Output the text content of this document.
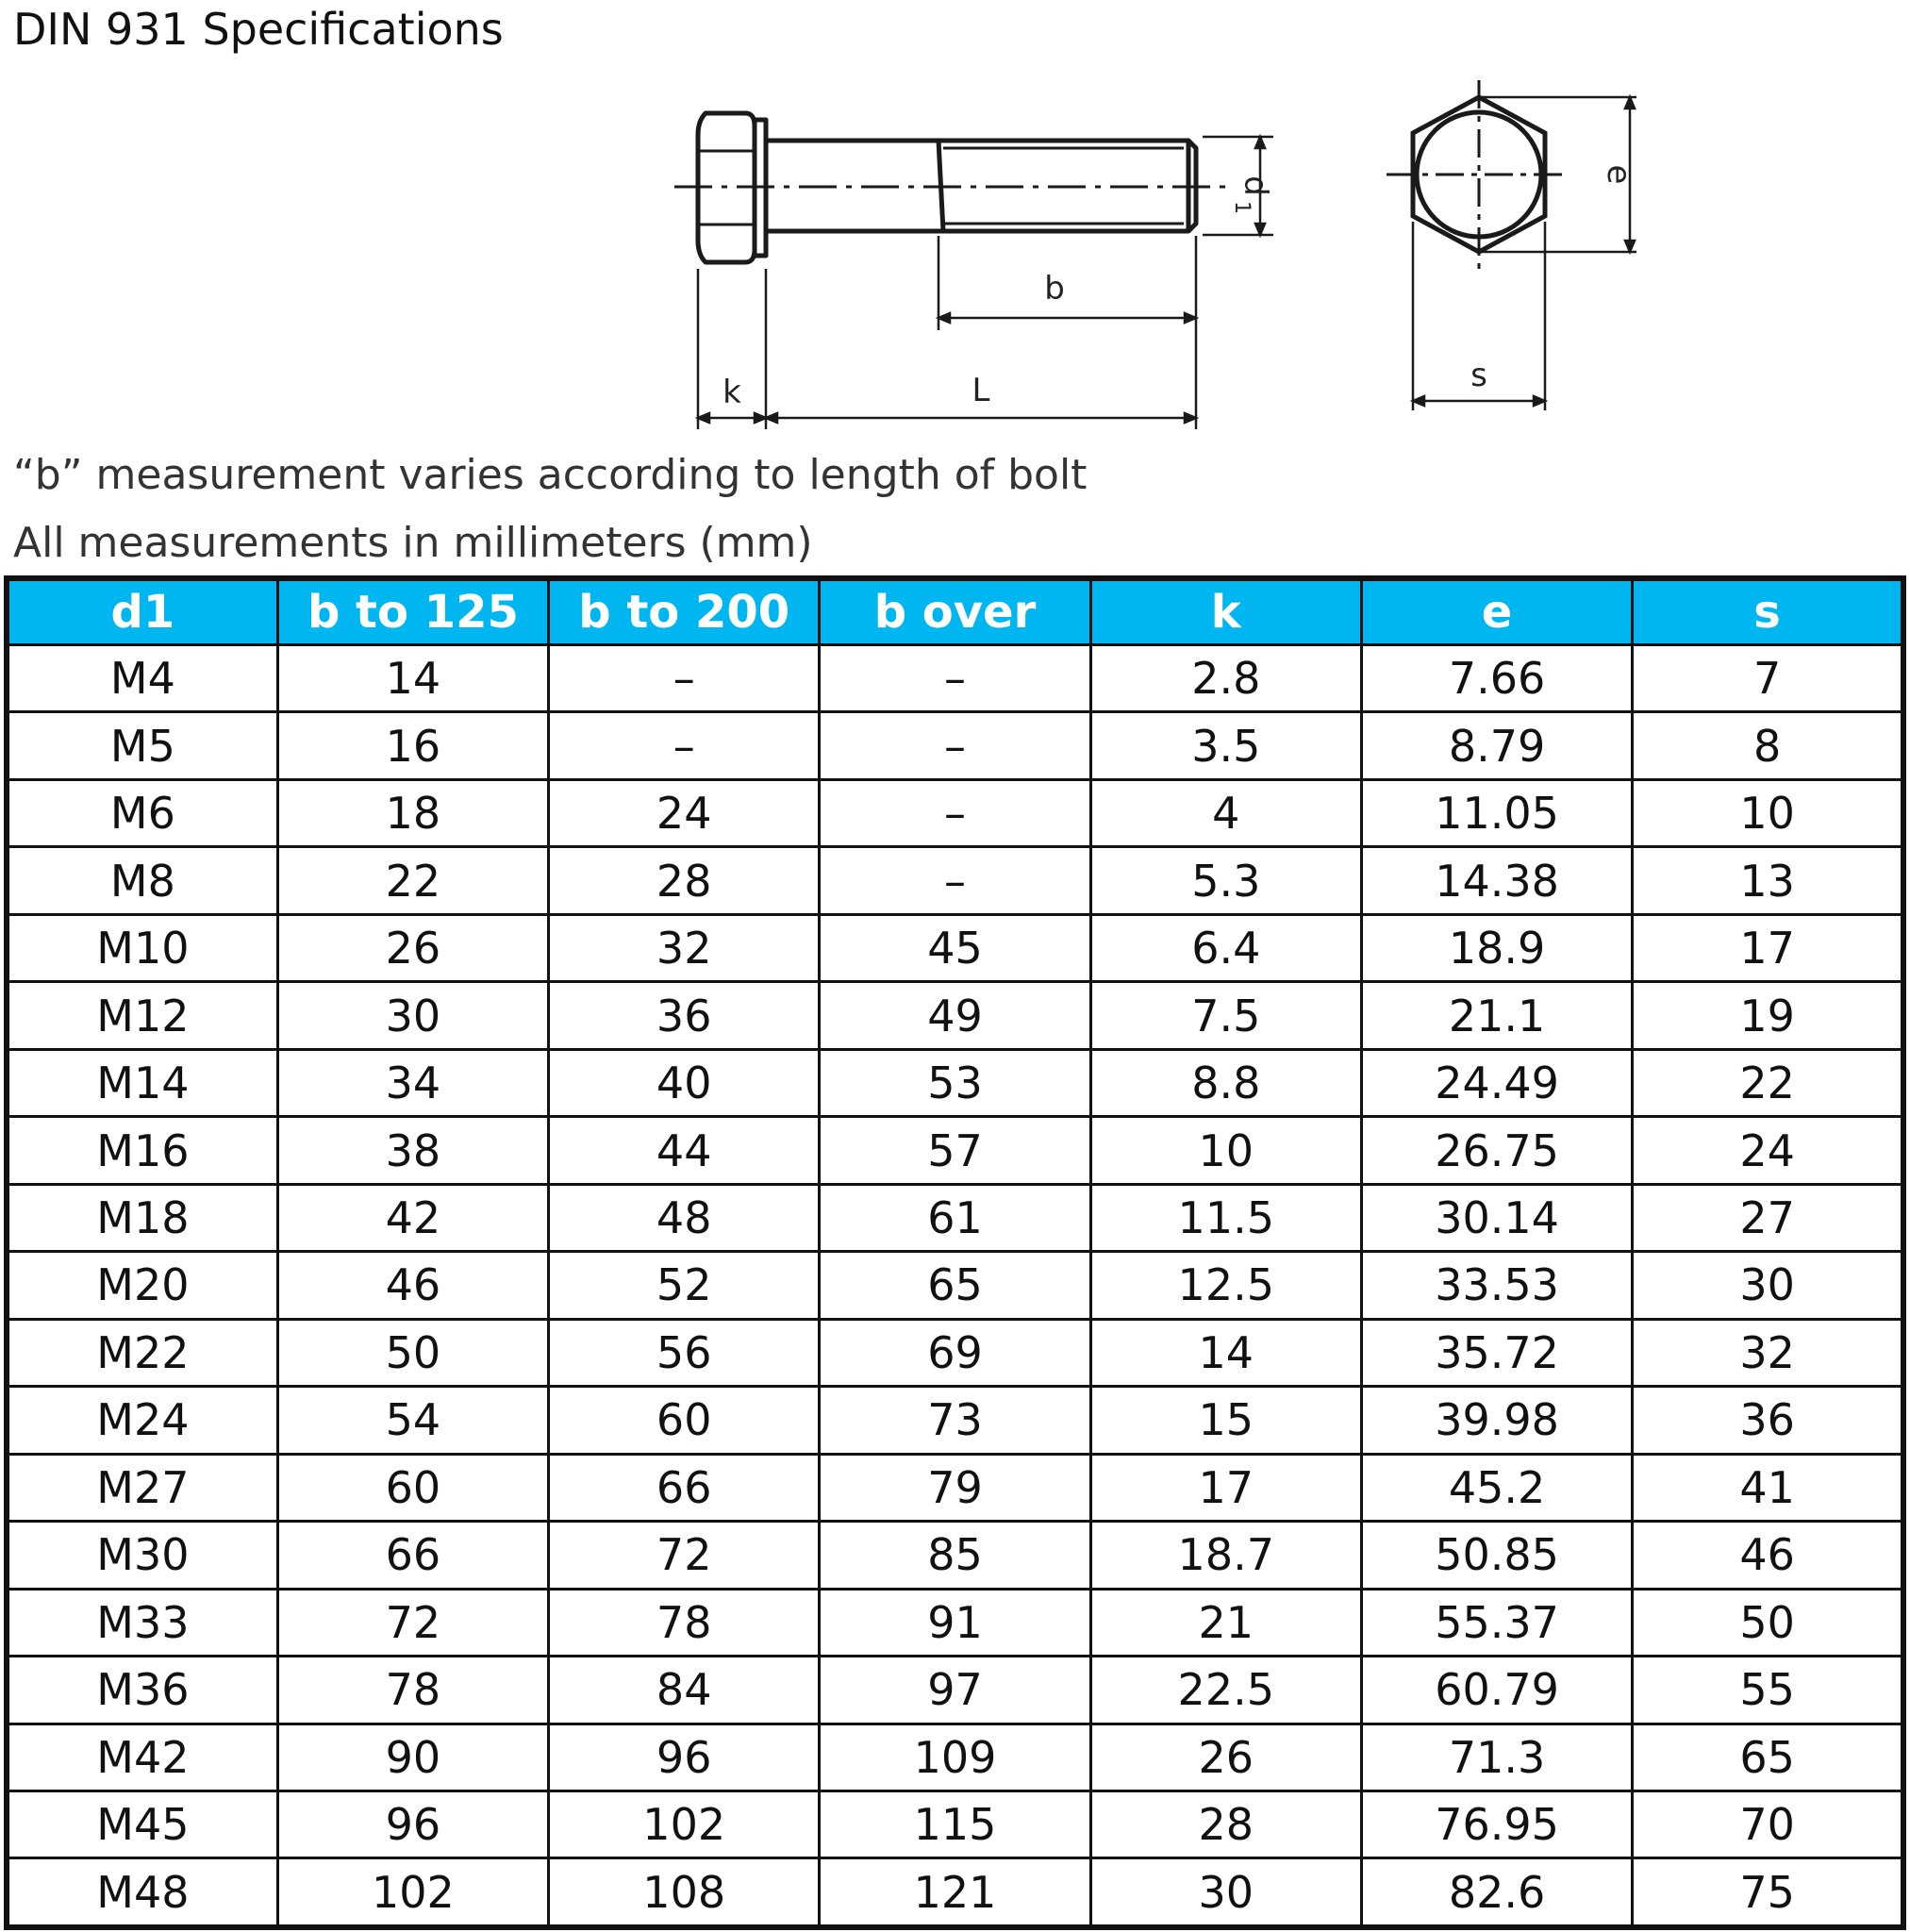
DIN 931 Specifications
b
k	L
d
1
e
s
“b” measurement varies according to length of bolt
All measurements in millimeters (mm)
d1	b to 125	b to 200	b over	k	e	s
M4	14	–	–	2.8	7.66	7
M5	16	–	–	3.5	8.79	8
M6	18	24	–	4	11.05	10
M8	22	28	–	5.3	14.38	13
M10	26	32	45	6.4	18.9	17
M12	30	36	49	7.5	21.1	19
M14	34	40	53	8.8	24.49	22
M16	38	44	57	10	26.75	24
M18	42	48	61	11.5	30.14	27
M20	46	52	65	12.5	33.53	30
M22	50	56	69	14	35.72	32
M24	54	60	73	15	39.98	36
M27	60	66	79	17	45.2	41
M30	66	72	85	18.7	50.85	46
M33	72	78	91	21	55.37	50
M36	78	84	97	22.5	60.79	55
M42	90	96	109	26	71.3	65
M45	96	102	115	28	76.95	70
M48	102	108	121	30	82.6	75
